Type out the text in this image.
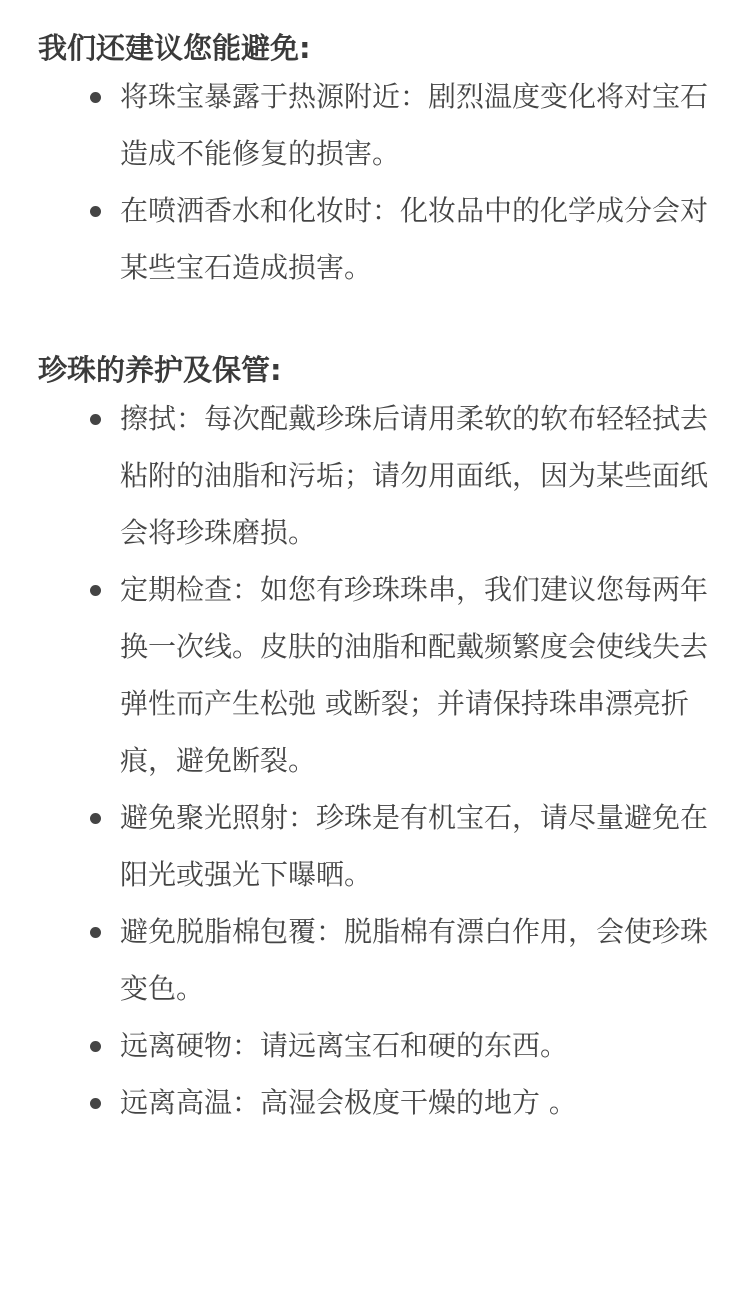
我们还建议您能避免:
将珠宝暴露于热源附近：剧烈温度变化将对宝石造成不能修复的损害。
在喷洒香水和化妆时：化妆品中的化学成分会对某些宝石造成损害。
珍珠的养护及保管:
擦拭：每次配戴珍珠后请用柔软的软布轻轻拭去粘附的油脂和污垢；请勿用面纸，因为某些面纸会将珍珠磨损。
定期检查：如您有珍珠珠串，我们建议您每两年换一次线。皮肤的油脂和配戴频繁度会使线失去弹性而产生松弛 或断裂；并请保持珠串漂亮折痕，避免断裂。
避免聚光照射：珍珠是有机宝石，请尽量避免在阳光或强光下曝晒。
避免脱脂棉包覆：脱脂棉有漂白作用，会使珍珠变色。
远离硬物：请远离宝石和硬的东西。
远离高温：高湿会极度干燥的地方 。
